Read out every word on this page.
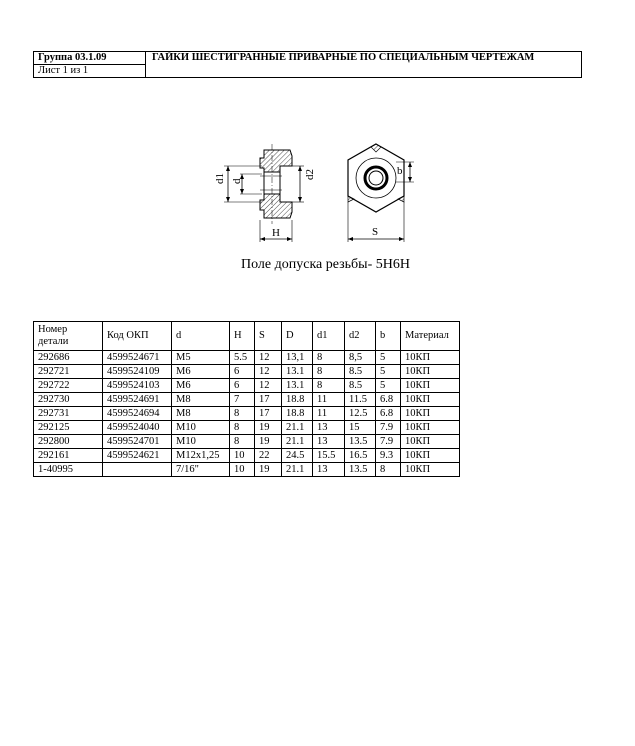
Группа 03.1.09	ГАЙКИ ШЕСТИГРАННЫЕ ПРИВАРНЫЕ ПО СПЕЦИАЛЬНЫМ ЧЕРТЕЖАМ
Лист 1 из 1
d1 d
d2
H
b
S
Поле допуска резьбы- 5Н6Н
Номер детали	Код ОКП	d	H	S	D	d1	d2	b	Материал
292686	4599524671	M5	5.5	12	13,1	8	8,5	5	10КП
292721	4599524109	M6	6	12	13.1	8	8.5	5	10КП
292722	4599524103	M6	6	12	13.1	8	8.5	5	10КП
292730	4599524691	M8	7	17	18.8	11	11.5	6.8	10КП
292731	4599524694	M8	8	17	18.8	11	12.5	6.8	10КП
292125	4599524040	M10	8	19	21.1	13	15	7.9	10КП
292800	4599524701	M10	8	19	21.1	13	13.5	7.9	10КП
292161	4599524621	M12x1,25	10	22	24.5	15.5	16.5	9.3	10КП
1-40995		7/16"	10	19	21.1	13	13.5	8	10КП
